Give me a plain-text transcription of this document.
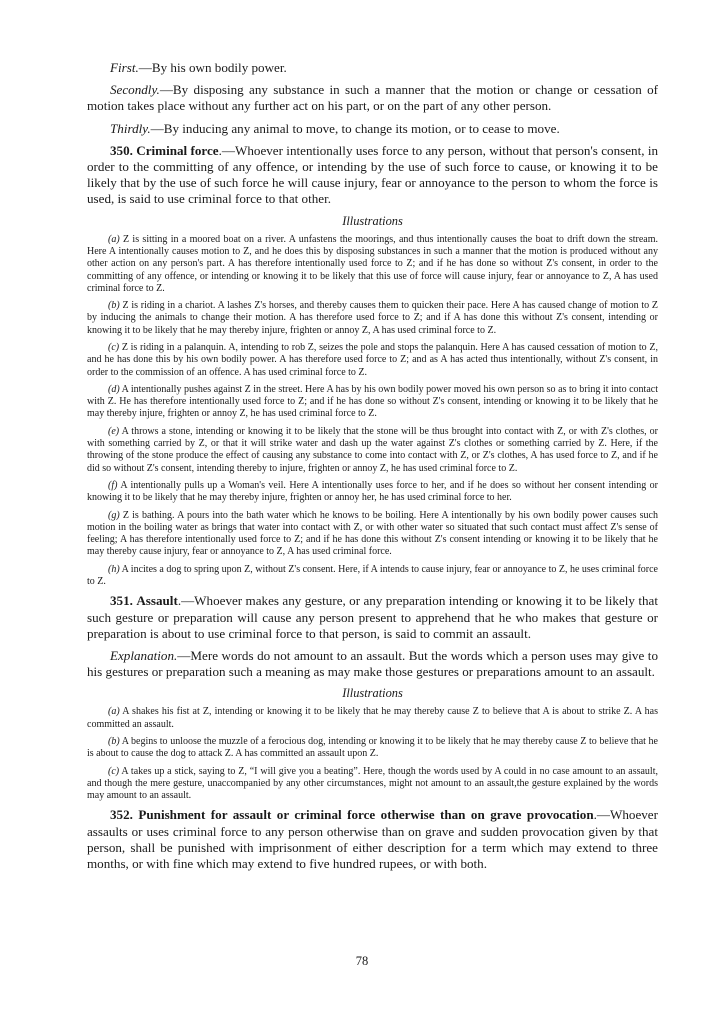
First.—By his own bodily power.

Secondly.—By disposing any substance in such a manner that the motion or change or cessation of motion takes place without any further act on his part, or on the part of any other person.

Thirdly.—By inducing any animal to move, to change its motion, or to cease to move.

350. Criminal force.—Whoever intentionally uses force to any person, without that person's consent, in order to the committing of any offence, or intending by the use of such force to cause, or knowing it to be likely that by the use of such force he will cause injury, fear or annoyance to the person to whom the force is used, is said to use criminal force to that other.

Illustrations

(a) Z is sitting in a moored boat on a river. A unfastens the moorings, and thus intentionally causes the boat to drift down the stream. Here A intentionally causes motion to Z, and he does this by disposing substances in such a manner that the motion is produced without any other action on any person's part. A has therefore intentionally used force to Z; and if he has done so without Z's consent, in order to the committing of any offence, or intending or knowing it to be likely that this use of force will cause injury, fear or annoyance to Z, A has used criminal force to Z.

(b) Z is riding in a chariot. A lashes Z's horses, and thereby causes them to quicken their pace. Here A has caused change of motion to Z by inducing the animals to change their motion. A has therefore used force to Z; and if A has done this without Z's consent, intending or knowing it to be likely that he may thereby injure, frighten or annoy Z, A has used criminal force to Z.

(c) Z is riding in a palanquin. A, intending to rob Z, seizes the pole and stops the palanquin. Here A has caused cessation of motion to Z, and he has done this by his own bodily power. A has therefore used force to Z; and as A has acted thus intentionally, without Z's consent, in order to the commission of an offence. A has used criminal force to Z.

(d) A intentionally pushes against Z in the street. Here A has by his own bodily power moved his own person so as to bring it into contact with Z. He has therefore intentionally used force to Z; and if he has done so without Z's consent, intending or knowing it to be likely that he may thereby injure, frighten or annoy Z, he has used criminal force to Z.

(e) A throws a stone, intending or knowing it to be likely that the stone will be thus brought into contact with Z, or with Z's clothes, or with something carried by Z, or that it will strike water and dash up the water against Z's clothes or something carried by Z. Here, if the throwing of the stone produce the effect of causing any substance to come into contact with Z, or Z's clothes, A has used force to Z, and if he did so without Z's consent, intending thereby to injure, frighten or annoy Z, he has used criminal force to Z.

(f) A intentionally pulls up a Woman's veil. Here A intentionally uses force to her, and if he does so without her consent intending or knowing it to be likely that he may thereby injure, frighten or annoy her, he has used criminal force to her.

(g) Z is bathing. A pours into the bath water which he knows to be boiling. Here A intentionally by his own bodily power causes such motion in the boiling water as brings that water into contact with Z, or with other water so situated that such contact must affect Z's sense of feeling; A has therefore intentionally used force to Z; and if he has done this without Z's consent intending or knowing it to be likely that he may thereby cause injury, fear or annoyance to Z, A has used criminal force.

(h) A incites a dog to spring upon Z, without Z's consent. Here, if A intends to cause injury, fear or annoyance to Z, he uses criminal force to Z.

351. Assault.—Whoever makes any gesture, or any preparation intending or knowing it to be likely that such gesture or preparation will cause any person present to apprehend that he who makes that gesture or preparation is about to use criminal force to that person, is said to commit an assault.

Explanation.—Mere words do not amount to an assault. But the words which a person uses may give to his gestures or preparation such a meaning as may make those gestures or preparations amount to an assault.

Illustrations

(a) A shakes his fist at Z, intending or knowing it to be likely that he may thereby cause Z to believe that A is about to strike Z. A has committed an assault.

(b) A begins to unloose the muzzle of a ferocious dog, intending or knowing it to be likely that he may thereby cause Z to believe that he is about to cause the dog to attack Z. A has committed an assault upon Z.

(c) A takes up a stick, saying to Z, “I will give you a beating”. Here, though the words used by A could in no case amount to an assault, and though the mere gesture, unaccompanied by any other circumstances, might not amount to an assault,the gesture explained by the words may amount to an assault.

352. Punishment for assault or criminal force otherwise than on grave provocation.—Whoever assaults or uses criminal force to any person otherwise than on grave and sudden provocation given by that person, shall be punished with imprisonment of either description for a term which may extend to three months, or with fine which may extend to five hundred rupees, or with both.

78
